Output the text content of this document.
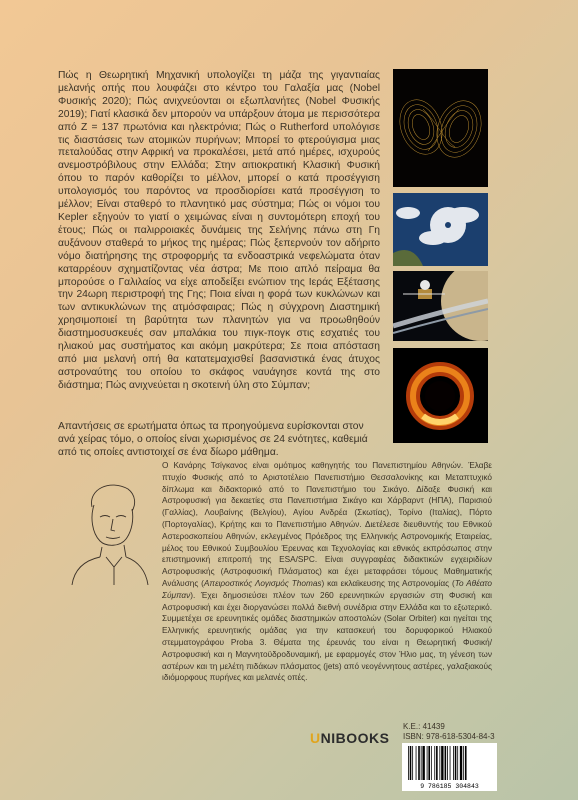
Πώς η Θεωρητική Μηχανική υπολογίζει τη μάζα της γιγαντιαίας μελανής οπής που λουφάζει στο κέντρο του Γαλαξία μας (Nobel Φυσικής 2020); Πώς ανιχνεύονται οι εξωπλανήτες (Nobel Φυσικής 2019); Γιατί κλασικά δεν μπορούν να υπάρξουν άτομα με περισσότερα από Z = 137 πρωτόνια και ηλεκτρόνια; Πώς ο Rutherford υπολόγισε τις διαστάσεις των ατομικών πυρήνων; Μπορεί το φτερούγισμα μιας πεταλούδας στην Αφρική να προκαλέσει, μετά από ημέρες, ισχυρούς ανεμοστρόβιλους στην Ελλάδα; Στην αιτιοκρατική Κλασική Φυσική όπου το παρόν καθορίζει το μέλλον, μπορεί ο κατά προσέγγιση υπολογισμός του παρόντος να προσδιορίσει κατά προσέγγιση το μέλλον; Είναι σταθερό το πλανητικό μας σύστημα; Πώς οι νόμοι του Kepler εξηγούν το γιατί ο χειμώνας είναι η συντομότερη εποχή του έτους; Πώς οι παλιρροιακές δυνάμεις της Σελήνης πάνω στη Γη αυξάνουν σταθερά το μήκος της ημέρας; Πώς ξεπερνούν τον αδήριτο νόμο διατήρησης της στροφορμής τα ενδοαστρικά νεφελώματα όταν καταρρέουν σχηματίζοντας νέα άστρα; Με ποιο απλό πείραμα θα μπορούσε ο Γαλιλαίος να είχε αποδείξει ενώπιον της Ιεράς Εξέτασης την 24ωρη περιστροφή της Γης; Ποια είναι η φορά των κυκλώνων και των αντικυκλώνων της ατμόσφαιρας; Πώς η σύγχρονη Διαστημική χρησιμοποιεί τη βαρύτητα των πλανητών για να προωθηθούν διαστημοσυσκευές σαν μπαλάκια του πιγκ-πογκ στις εσχατιές του ηλιακού μας συστήματος και ακόμη μακρύτερα; Σε ποια απόσταση από μια μελανή οπή θα κατατεμαχισθεί βασανιστικά ένας άτυχος αστροναύτης του οποίου το σκάφος ναυάγησε κοντά της στο διάστημα; Πώς ανιχνεύεται η σκοτεινή ύλη στο Σύμπαν;

Απαντήσεις σε ερωτήματα όπως τα προηγούμενα ευρίσκονται στον ανά χείρας τόμο, ο οποίος είναι χωρισμένος σε 24 ενότητες, καθεμιά από τις οποίες αντιστοιχεί σε ένα δίωρο μάθημα.

Ο Κανάρης Τσίγκανος είναι ομότιμος καθηγητής του Πανεπιστημίου Αθηνών. Έλαβε πτυχίο Φυσικής από το Αριστοτέλειο Πανεπιστήμιο Θεσσαλονίκης και Μεταπτυχικό δίπλωμα και διδακτορικό από το Πανεπιστήμιο του Σικάγο. Δίδαξε Φυσική και Αστροφυσική για δεκαετίες στα Πανεπιστήμια Σικάγο και Χάρβαρντ (ΗΠΑ), Παρισιού (Γαλλίας), Λουβαίνης (Βελγίου), Αγίου Ανδρέα (Σκωτίας), Τορίνο (Ιταλίας), Πόρτο (Πορτογαλίας), Κρήτης και το Πανεπιστήμιο Αθηνών. Διετέλεσε διευθυντής του Εθνικού Αστεροσκοπείου Αθηνών, εκλεγμένος Πρόεδρος της Ελληνικής Αστρονομικής Εταιρείας, μέλος του Εθνικού Συμβουλίου Έρευνας και Τεχνολογίας και εθνικός εκπρόσωπος στην επιστημονική επιτροπή της ESA/SPC. Είναι συγγραφέας διδακτικών εγχειριδίων Αστροφυσικής (Αστροφυσική Πλάσματος) και έχει μεταφράσει τόμους Μαθηματικής Ανάλυσης (Απειροστικός Λογισμός Thomas) και εκλαϊκευσης της Αστρονομίας (Το Αθέατο Σύμπαν). Έχει δημοσιεύσει πλέον των 260 ερευνητικών εργασιών στη Φυσική και Αστροφυσική και έχει διοργανώσει πολλά διεθνή συνέδρια στην Ελλάδα και το εξωτερικό. Συμμετέχει σε ερευνητικές ομάδες διαστημικών αποστολών (Solar Orbiter) και ηγείται της Ελληνικής ερευνητικής ομάδας για την κατασκευή του δορυφορικού Ηλιακού στεμματογράφου Proba 3. Θέματα της έρευνάς του είναι η Θεωρητική Φυσική/Αστροφυσική και η Μαγνητοϋδροδυναμική, με εφαρμογές στον Ήλιο μας, τη γένεση των αστέρων και τη μελέτη πιδάκων πλάσματος (jets) από νεογέννητους αστέρες, γαλαξιακούς ιδιόμορφους πυρήνες και μελανές οπές.

UNIBOOKS
Κ.Ε.: 41439
ISBN: 978-618-5304-84-3
9 786185 304843
